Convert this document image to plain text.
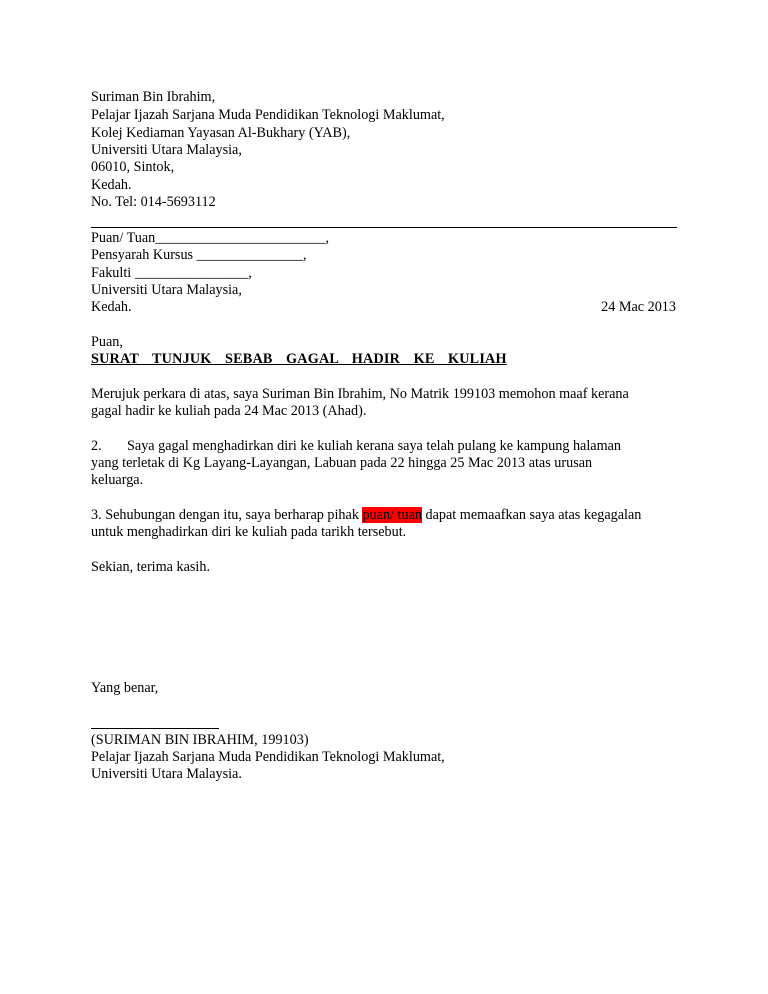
Suriman Bin Ibrahim,
Pelajar Ijazah Sarjana Muda Pendidikan Teknologi Maklumat,
Kolej Kediaman Yayasan Al-Bukhary (YAB),
Universiti Utara Malaysia,
06010, Sintok,
Kedah.
No. Tel: 014-5693112
Puan/ Tuan________________________,
Pensyarah Kursus _______________,
Fakulti ________________,
Universiti Utara Malaysia,
Kedah.	24 Mac 2013
Puan,
SURAT  TUNJUK  SEBAB  GAGAL  HADIR  KE  KULIAH
Merujuk perkara di atas, saya Suriman Bin Ibrahim, No Matrik 199103 memohon maaf kerana
gagal hadir ke kuliah pada 24 Mac 2013 (Ahad).
2. Saya gagal menghadirkan diri ke kuliah kerana saya telah pulang ke kampung halaman
yang terletak di Kg Layang-Layangan, Labuan pada 22 hingga 25 Mac 2013 atas urusan
keluarga.
3. Sehubungan dengan itu, saya berharap pihak puan/ tuan dapat memaafkan saya atas kegagalan
untuk menghadirkan diri ke kuliah pada tarikh tersebut.
Sekian, terima kasih.
Yang benar,
(SURIMAN BIN IBRAHIM, 199103)
Pelajar Ijazah Sarjana Muda Pendidikan Teknologi Maklumat,
Universiti Utara Malaysia.
